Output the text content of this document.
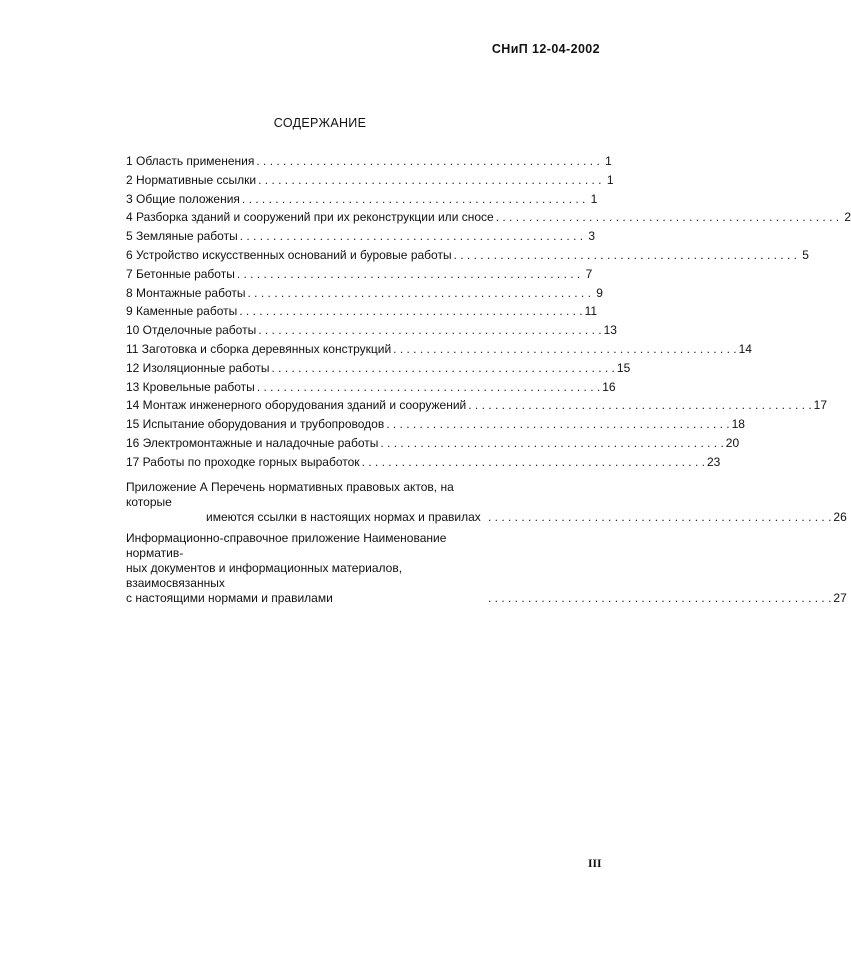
СНиП 12-04-2002
СОДЕРЖАНИЕ
1 Область применения . . . . . . . . . . . . . . . . . . . . . . . . . . . . . . . . . . . . . . . . . . . . . . . . . . . . 1
2 Нормативные ссылки . . . . . . . . . . . . . . . . . . . . . . . . . . . . . . . . . . . . . . . . . . . . . . . . . . . . 1
3 Общие положения . . . . . . . . . . . . . . . . . . . . . . . . . . . . . . . . . . . . . . . . . . . . . . . . . . . . 1
4 Разборка зданий и сооружений при их реконструкции или сносе . . . . . . . . . . . . . . . . . . . . . . . . . . . . . . . . . . . . . . . . . . . . . . . . . . . . 2
5 Земляные работы . . . . . . . . . . . . . . . . . . . . . . . . . . . . . . . . . . . . . . . . . . . . . . . . . . . . 3
6 Устройство искусственных оснований и буровые работы . . . . . . . . . . . . . . . . . . . . . . . . . . . . . . . . . . . . . . . . . . . . . . . . . . . . 5
7 Бетонные работы . . . . . . . . . . . . . . . . . . . . . . . . . . . . . . . . . . . . . . . . . . . . . . . . . . . . 7
8 Монтажные работы . . . . . . . . . . . . . . . . . . . . . . . . . . . . . . . . . . . . . . . . . . . . . . . . . . . . 9
9 Каменные работы . . . . . . . . . . . . . . . . . . . . . . . . . . . . . . . . . . . . . . . . . . . . . . . . . . . . 11
10 Отделочные работы . . . . . . . . . . . . . . . . . . . . . . . . . . . . . . . . . . . . . . . . . . . . . . . . . . . . 13
11 Заготовка и сборка деревянных конструкций . . . . . . . . . . . . . . . . . . . . . . . . . . . . . . . . . . . . . . . . . . . . . . . . . . . . 14
12 Изоляционные работы . . . . . . . . . . . . . . . . . . . . . . . . . . . . . . . . . . . . . . . . . . . . . . . . . . . . 15
13 Кровельные работы . . . . . . . . . . . . . . . . . . . . . . . . . . . . . . . . . . . . . . . . . . . . . . . . . . . . 16
14 Монтаж инженерного оборудования зданий и сооружений . . . . . . . . . . . . . . . . . . . . . . . . . . . . . . . . . . . . . . . . . . . . . . . . . . . . 17
15 Испытание оборудования и трубопроводов . . . . . . . . . . . . . . . . . . . . . . . . . . . . . . . . . . . . . . . . . . . . . . . . . . . . 18
16 Электромонтажные и наладочные работы . . . . . . . . . . . . . . . . . . . . . . . . . . . . . . . . . . . . . . . . . . . . . . . . . . . . 20
17 Работы по проходке горных выработок . . . . . . . . . . . . . . . . . . . . . . . . . . . . . . . . . . . . . . . . . . . . . . . . . . . . 23
Приложение А Перечень нормативных правовых актов, на которые
имеются ссылки в настоящих нормах и правилах . . . . . . . . . . . . . . . . . . . . . . . . . . . . . . . . . . . . . . . . . . . . . . . . . . . . 26
Информационно-справочное приложение Наименование норматив-
ных документов и информационных материалов, взаимосвязанных
с настоящими нормами и правилами	. . . . . . . . . . . . . . . . . . . . . . . . . . . . . . . . . . . . . . . . . . . . . . . . . . . . 27
III
